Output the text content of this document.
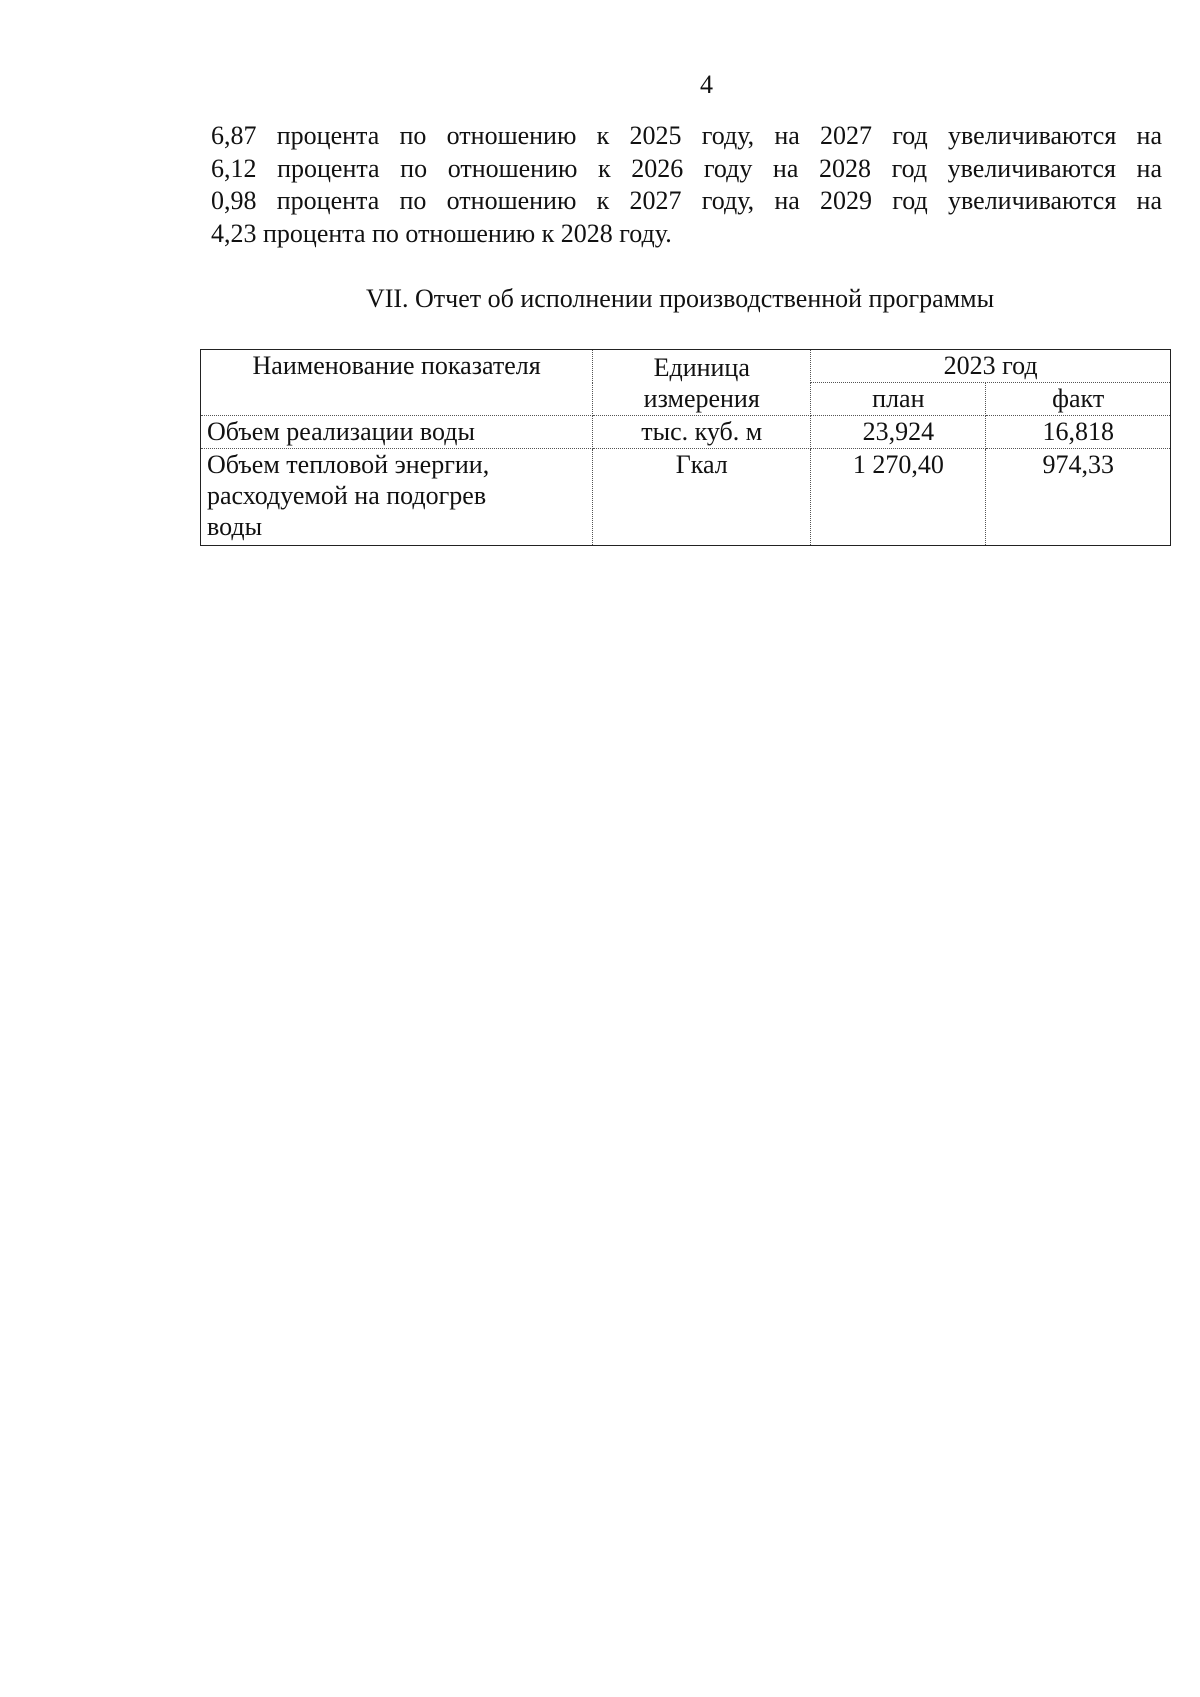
4
6,87 процента по отношению к 2025 году, на 2027 год увеличиваются на
6,12 процента по отношению к 2026 году на 2028 год увеличиваются на
0,98 процента по отношению к 2027 году, на 2029 год увеличиваются на
4,23 процента по отношению к 2028 году.
VII. Отчет об исполнении производственной программы
Наименование показателя	Единица измерения	2023 год	
		план	факт
Объем реализации воды	тыс. куб. м	23,924	16,818
Объем тепловой энергии, расходуемой на подогрев воды	Гкал	1 270,40	974,33
